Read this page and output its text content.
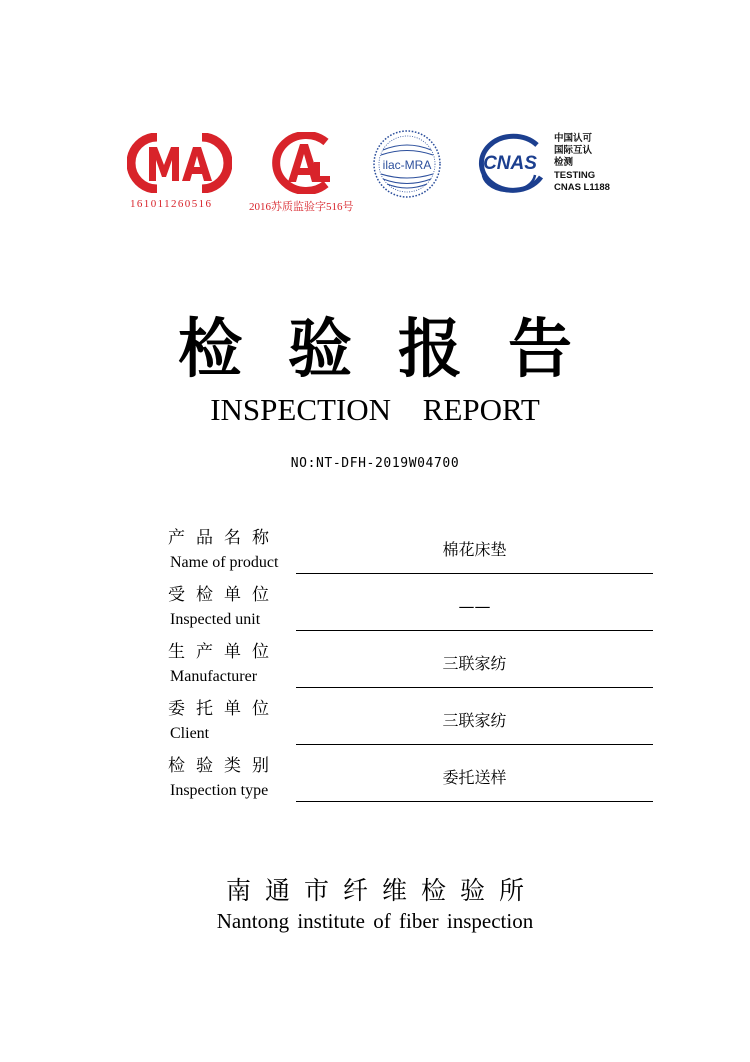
161011260516	2016苏质监验字516号
ilac-MRA	CNAS
中国认可
国际互认
检测
TESTING
CNAS L1188
检验报告
INSPECTION REPORT
NO:NT-DFH-2019W04700
产品名称
Name of product
棉花床垫
受检单位
Inspected unit
——
生产单位
Manufacturer
三联家纺
委托单位
Client
三联家纺
检验类别
Inspection type
委托送样
南通市纤维检验所
Nantong institute of fiber inspection
